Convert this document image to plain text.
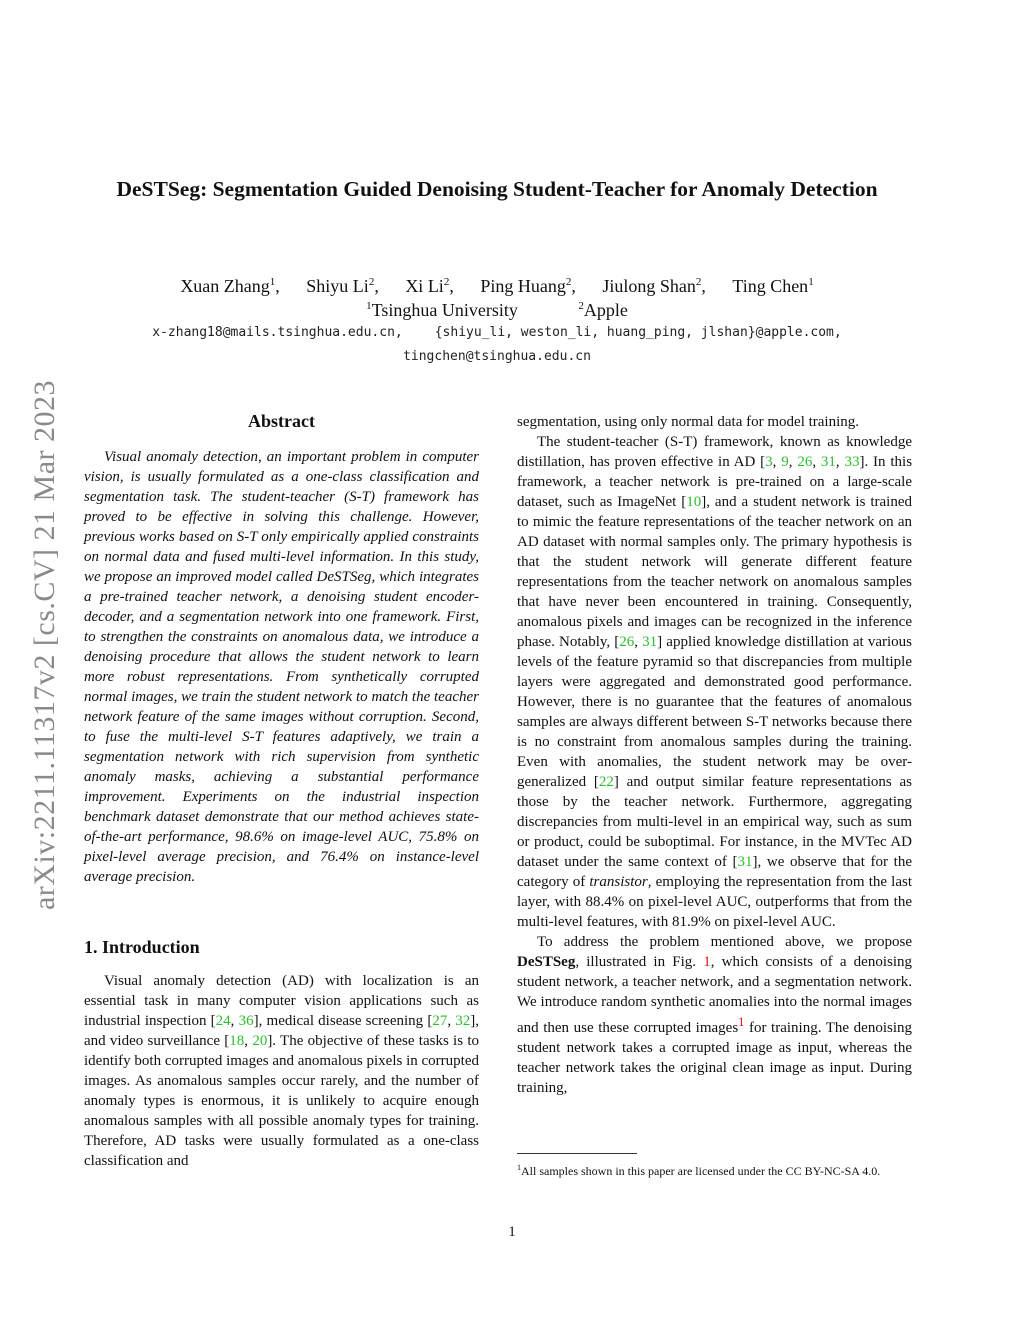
arXiv:2211.11317v2 [cs.CV] 21 Mar 2023
DeSTSeg: Segmentation Guided Denoising Student-Teacher for Anomaly Detection
Xuan Zhang$^1$, Shiyu Li$^2$, Xi Li$^2$, Ping Huang$^2$, Jiulong Shan$^2$, Ting Chen$^1$
$^1$Tsinghua University	$^2$Apple
x-zhang18@mails.tsinghua.edu.cn, {shiyu_li, weston_li, huang_ping, jlshan}@apple.com,
tingchen@tsinghua.edu.cn
Abstract

Visual anomaly detection, an important problem in computer vision, is usually formulated as a one-class classification and segmentation task. The student-teacher (S-T) framework has proved to be effective in solving this challenge. However, previous works based on S-T only empirically applied constraints on normal data and fused multi-level information. In this study, we propose an improved model called DeSTSeg, which integrates a pre-trained teacher network, a denoising student encoder-decoder, and a segmentation network into one framework. First, to strengthen the constraints on anomalous data, we introduce a denoising procedure that allows the student network to learn more robust representations. From synthetically corrupted normal images, we train the student network to match the teacher network feature of the same images without corruption. Second, to fuse the multi-level S-T features adaptively, we train a segmentation network with rich supervision from synthetic anomaly masks, achieving a substantial performance improvement. Experiments on the industrial inspection benchmark dataset demonstrate that our method achieves state-of-the-art performance, 98.6% on image-level AUC, 75.8% on pixel-level average precision, and 76.4% on instance-level average precision.

1. Introduction

Visual anomaly detection (AD) with localization is an essential task in many computer vision applications such as industrial inspection [24, 36], medical disease screening [27, 32], and video surveillance [18, 20]. The objective of these tasks is to identify both corrupted images and anomalous pixels in corrupted images. As anomalous samples occur rarely, and the number of anomaly types is enormous, it is unlikely to acquire enough anomalous samples with all possible anomaly types for training. Therefore, AD tasks were usually formulated as a one-class classification and

segmentation, using only normal data for model training.

The student-teacher (S-T) framework, known as knowledge distillation, has proven effective in AD [3, 9, 26, 31, 33]. In this framework, a teacher network is pre-trained on a large-scale dataset, such as ImageNet [10], and a student network is trained to mimic the feature representations of the teacher network on an AD dataset with normal samples only. The primary hypothesis is that the student network will generate different feature representations from the teacher network on anomalous samples that have never been encountered in training. Consequently, anomalous pixels and images can be recognized in the inference phase. Notably, [26, 31] applied knowledge distillation at various levels of the feature pyramid so that discrepancies from multiple layers were aggregated and demonstrated good performance. However, there is no guarantee that the features of anomalous samples are always different between S-T networks because there is no constraint from anomalous samples during the training. Even with anomalies, the student network may be over-generalized [22] and output similar feature representations as those by the teacher network. Furthermore, aggregating discrepancies from multi-level in an empirical way, such as sum or product, could be suboptimal. For instance, in the MVTec AD dataset under the same context of [31], we observe that for the category of transistor, employing the representation from the last layer, with 88.4% on pixel-level AUC, outperforms that from the multi-level features, with 81.9% on pixel-level AUC.

To address the problem mentioned above, we propose DeSTSeg, illustrated in Fig. 1, which consists of a denoising student network, a teacher network, and a segmentation network. We introduce random synthetic anomalies into the normal images and then use these corrupted images$^1$ for training. The denoising student network takes a corrupted image as input, whereas the teacher network takes the original clean image as input. During training,

$^1$All samples shown in this paper are licensed under the CC BY-NC-SA 4.0.
1
